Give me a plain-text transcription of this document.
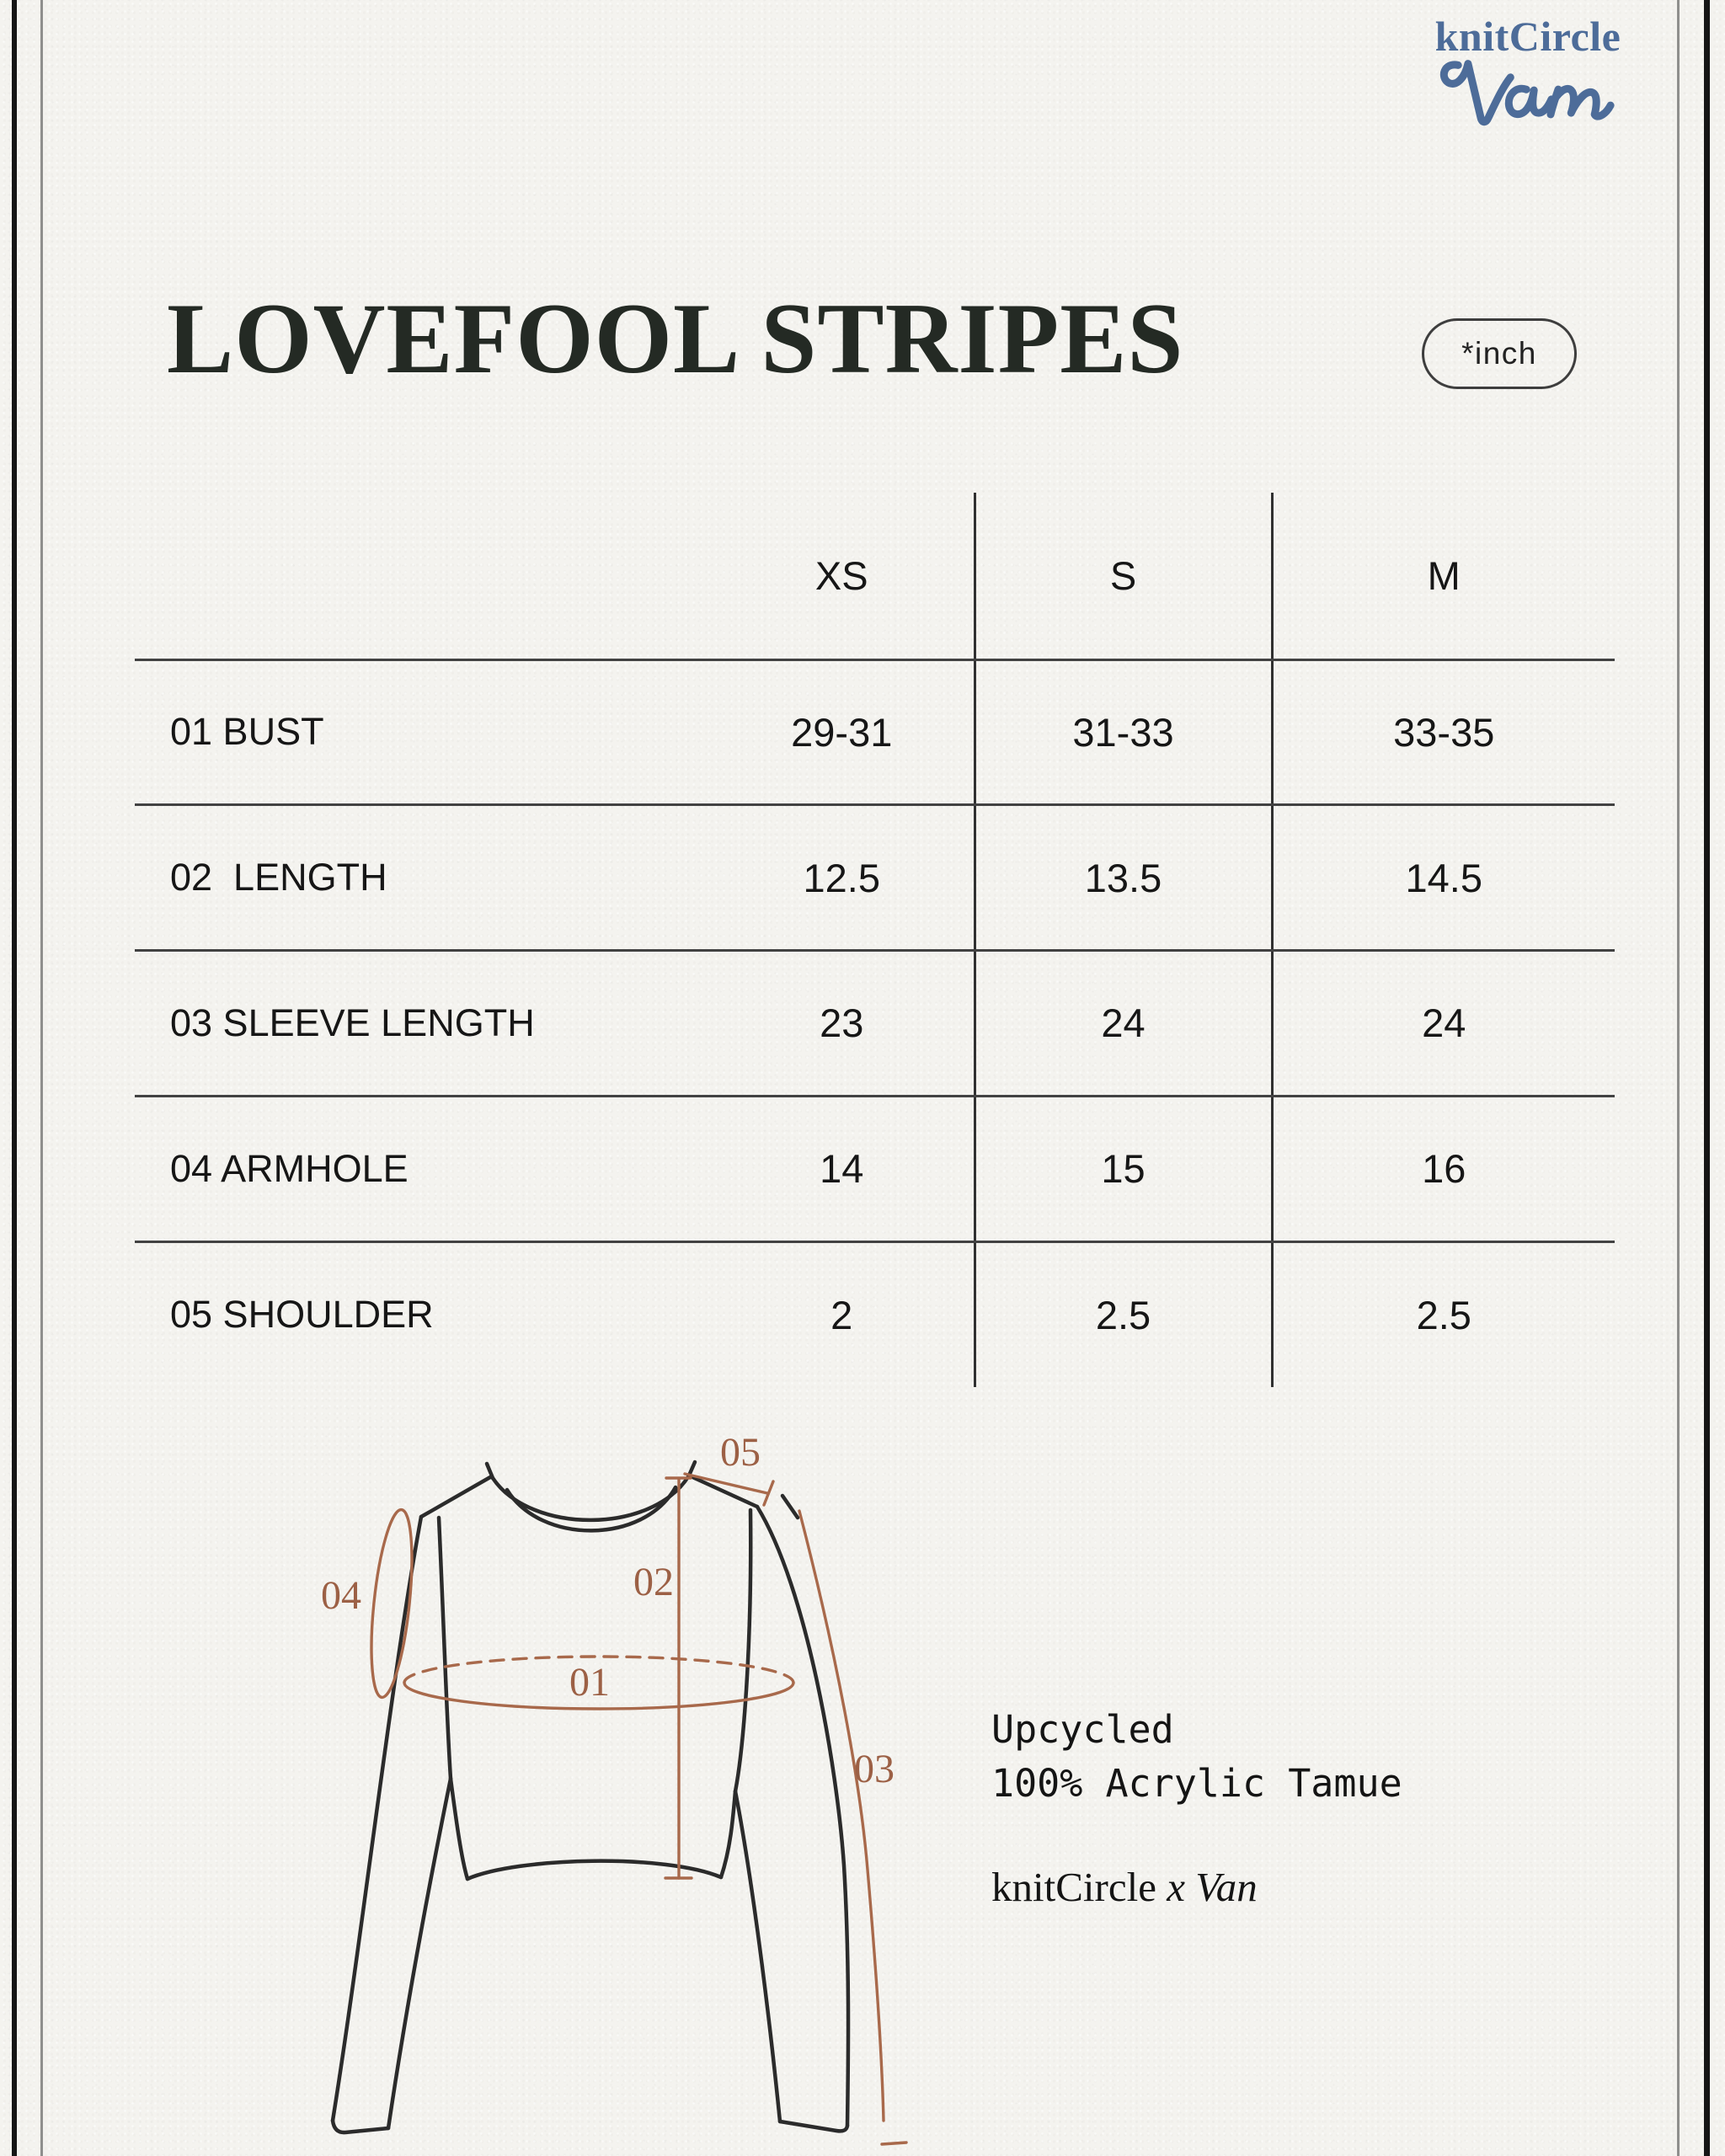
knitCircle
LOVEFOOL STRIPES	*inch
	XS	S	M
01 BUST	29-31	31-33	33-35
02  LENGTH	12.5	13.5	14.5
03 SLEEVE LENGTH	23	24	24
04 ARMHOLE	14	15	16
05 SHOULDER	2	2.5	2.5
01
02
03
04
05
Upcycled
100% Acrylic Tamue
knitCircle x Van
